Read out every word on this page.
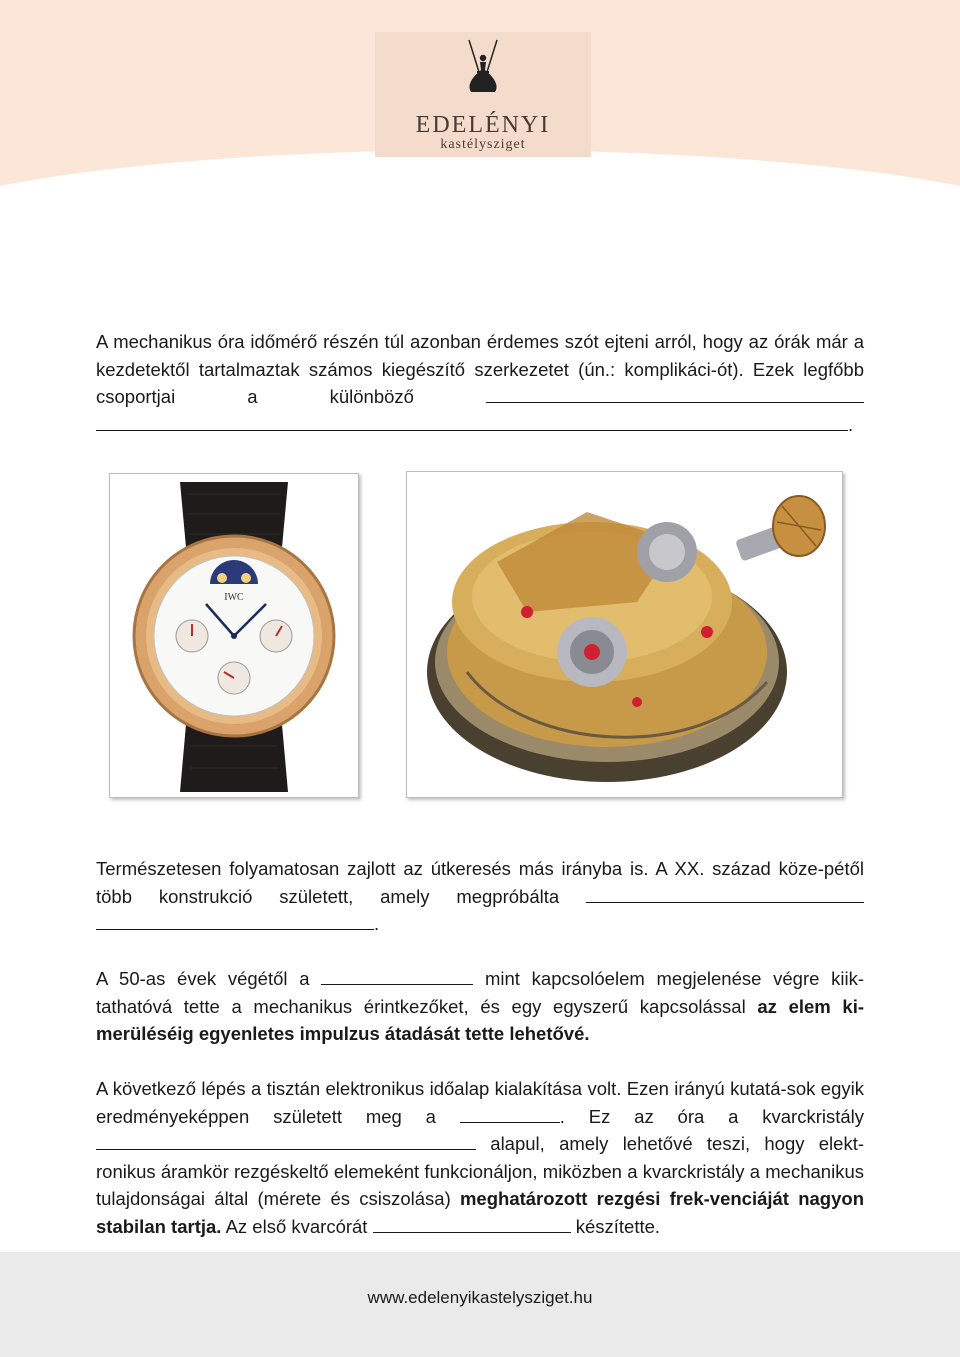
EDELÉNYI
kastélysziget
A mechanikus óra időmérő részén túl azonban érdemes szót ejteni arról, hogy az órák már a kezdetektől tartalmaztak számos kiegészítő szerkezetet (ún.: komplikáci-ót). Ezek legfőbb csoportjai a különböző  .
IWC
Természetesen folyamatosan zajlott az útkeresés más irányba is. A XX. század köze-pétől több konstrukció született, amely megpróbálta  .
A 50-as évek végétől a	mint kapcsolóelem megjelenése végre kiik-tathatóvá tette a mechanikus érintkezőket, és egy egyszerű kapcsolással az elem ki-merüléséig egyenletes impulzus átadását tette lehetővé.
A következő lépés a tisztán elektronikus időalap kialakítása volt. Ezen irányú kutatá-sok egyik eredményeképpen született meg a	. Ez az óra a kvarckristály  alapul, amely lehetővé teszi, hogy elekt-ronikus áramkör rezgéskeltő elemeként funkcionáljon, miközben a kvarckristály a mechanikus tulajdonságai által (mérete és csiszolása) meghatározott rezgési frek-venciáját nagyon stabilan tartja. Az első kvarcórát	készítette.
www.edelenyikastelysziget.hu
